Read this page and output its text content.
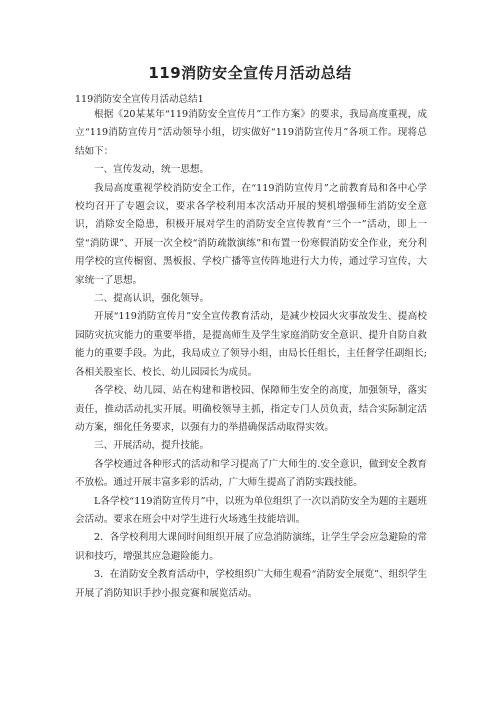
119消防安全宣传月活动总结
119消防安全宣传月活动总结1

根据《20某某年“119消防安全宣传月”工作方案》的要求，我局高度重视，成立“119消防宣传月”活动领导小组，切实做好“119消防宣传月”各项工作。现将总结如下：

一、宣传发动，统一思想。

我局高度重视学校消防安全工作，在“119消防宣传月”之前教育局和各中心学校均召开了专题会议，要求各学校利用本次活动开展的契机增强师生消防安全意识，消除安全隐患，积极开展对学生的消防安全宣传教育“三个一”活动，即上一堂“消防课”、开展一次全校“消防疏散演练”和布置一份寒假消防安全作业，充分利用学校的宣传橱窗、黑板报、学校广播等宣传阵地进行大力传，通过学习宣传，大家统一了思想。

二、提高认识，强化领导。

开展“119消防宣传月”安全宣传教育活动，是减少校园火灾事故发生、提高校园防灾抗灾能力的重要举措，是提高师生及学生家庭消防安全意识、提升自防自救能力的重要手段。为此，我局成立了领导小组，由局长任组长，主任督学任副组长;各相关股室长、校长、幼儿园园长为成员。

各学校、幼儿园、站在构建和谐校园、保障师生安全的高度，加强领导，落实责任，推动活动扎实开展。明确校领导主抓，指定专门人员负责，结合实际制定活动方案，细化任务要求，以强有力的举措确保活动取得实效。

三、开展活动，提升技能。

各学校通过各种形式的活动和学习提高了广大师生的.安全意识，做到安全教育不放松。通过开展丰富多彩的活动，广大师生提高了消防实践技能。

L各学校“119消防宣传月”中，以班为单位组织了一次以消防安全为题的主题班会活动。要求在班会中对学生进行火场逃生技能培训。

2．各学校利用大课间时间组织开展了应急消防演练，让学生学会应急避险的常识和技巧，增强其应急避险能力。

3．在消防安全教育活动中，学校组织广大师生观看“消防安全展览”、组织学生开展了消防知识手抄小报竞赛和展览活动。
